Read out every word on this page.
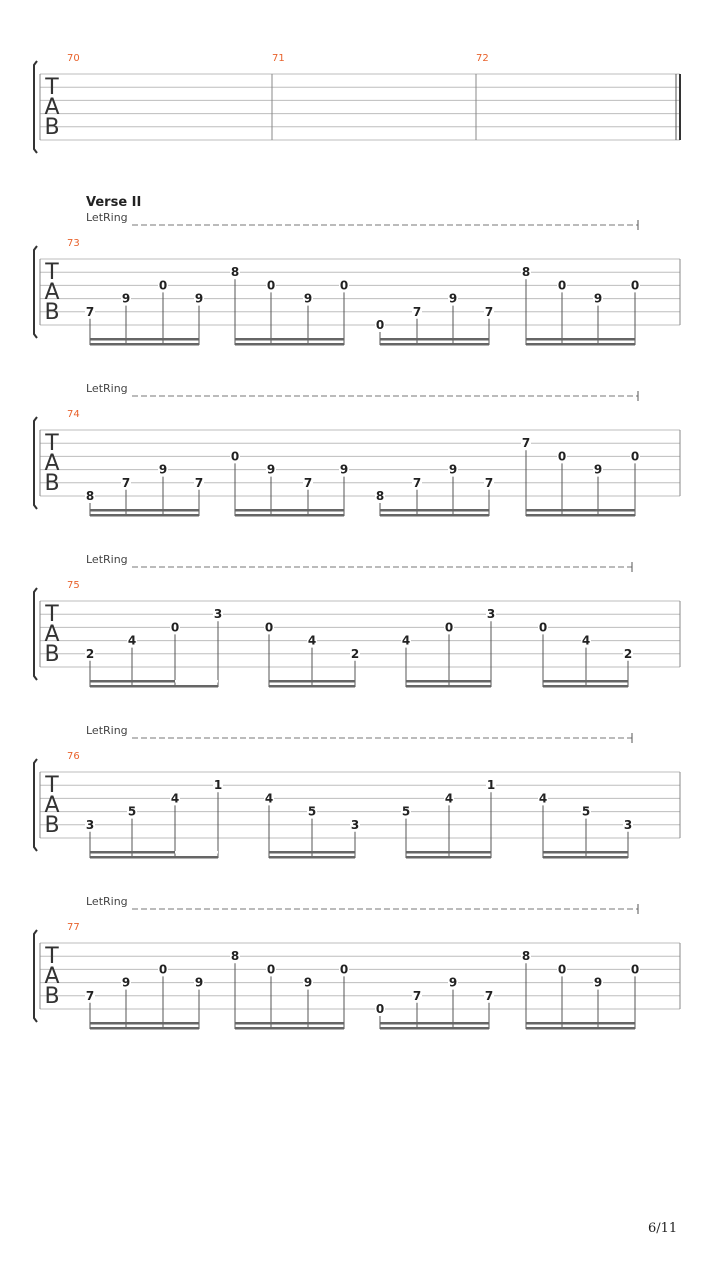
T
A
B
70	71	72
T
A
B
73
Verse II
LetRing
7
9
0
9
8
0
9
0
0
7
9
7
8
0
9
0
T
A
B
74
LetRing
8
7
9
7
0
9
7
9
8
7
9
7
7
0
9
0
T
A
B
75
LetRing
2
4
0
3
0
4
2
4
0
3
0
4
2
T
A
B
76
LetRing
3
5
4
1
4
5
3
5
4
1
4
5
3
T
A
B
77
LetRing
7
9
0
9
8
0
9
0
0
7
9
7
8
0
9
0
6/11
